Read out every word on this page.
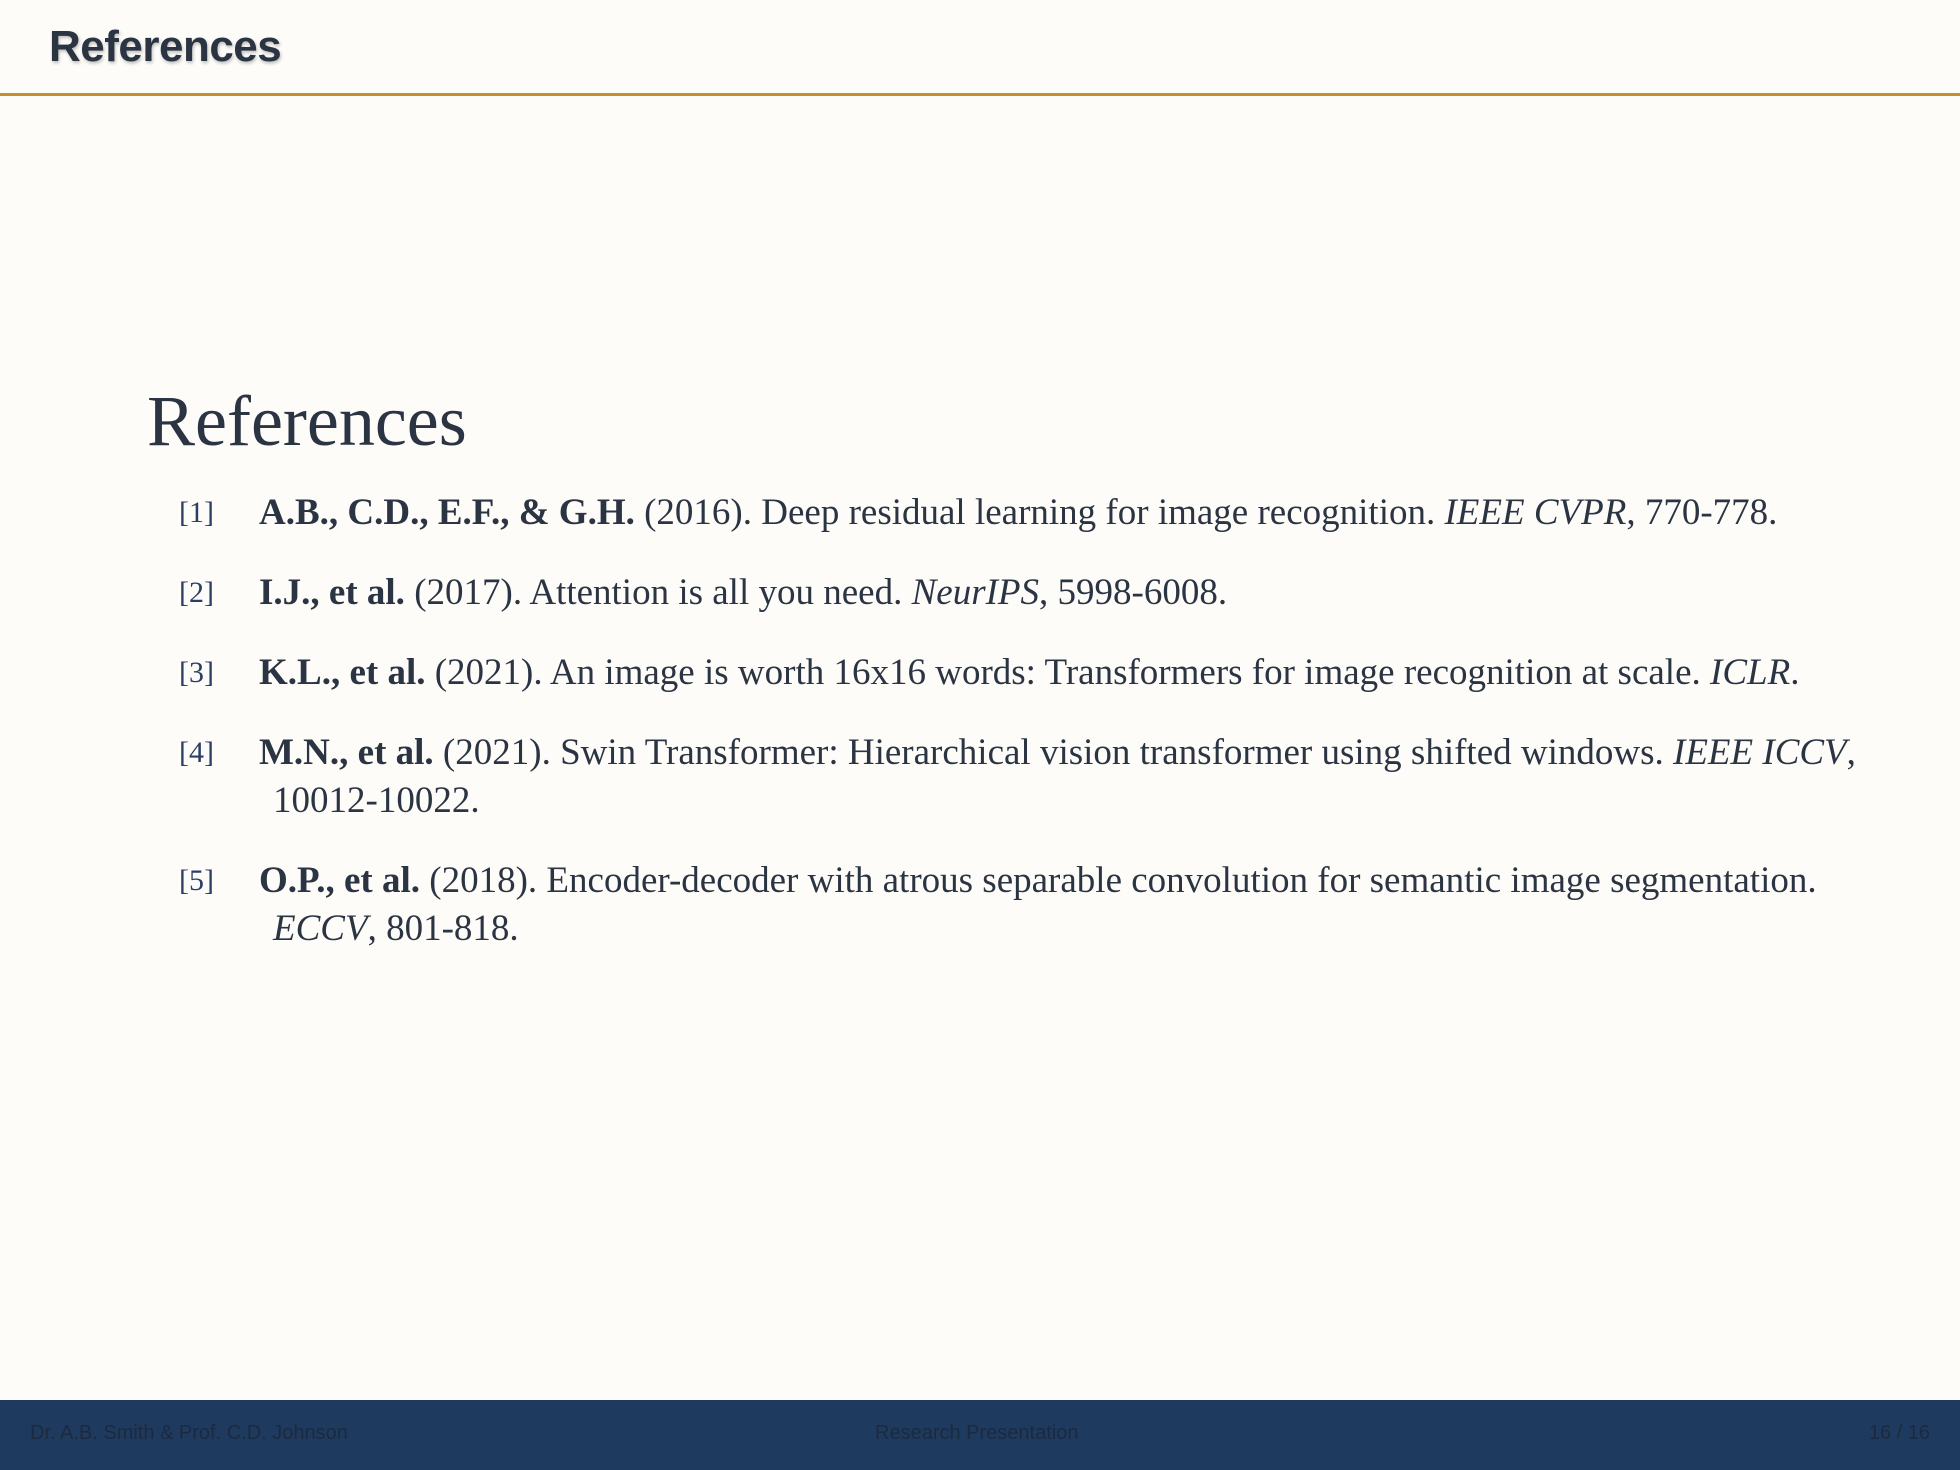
References
References
[1] A.B., C.D., E.F., & G.H. (2016). Deep residual learning for image recognition. IEEE CVPR, 770-778.
[2] I.J., et al. (2017). Attention is all you need. NeurIPS, 5998-6008.
[3] K.L., et al. (2021). An image is worth 16x16 words: Transformers for image recognition at scale. ICLR.
[4] M.N., et al. (2021). Swin Transformer: Hierarchical vision transformer using shifted windows. IEEE ICCV, 10012-10022.
[5] O.P., et al. (2018). Encoder-decoder with atrous separable convolution for semantic image segmentation. ECCV, 801-818.
Dr. A.B. Smith & Prof. C.D. Johnson	Research Presentation	16 / 16
